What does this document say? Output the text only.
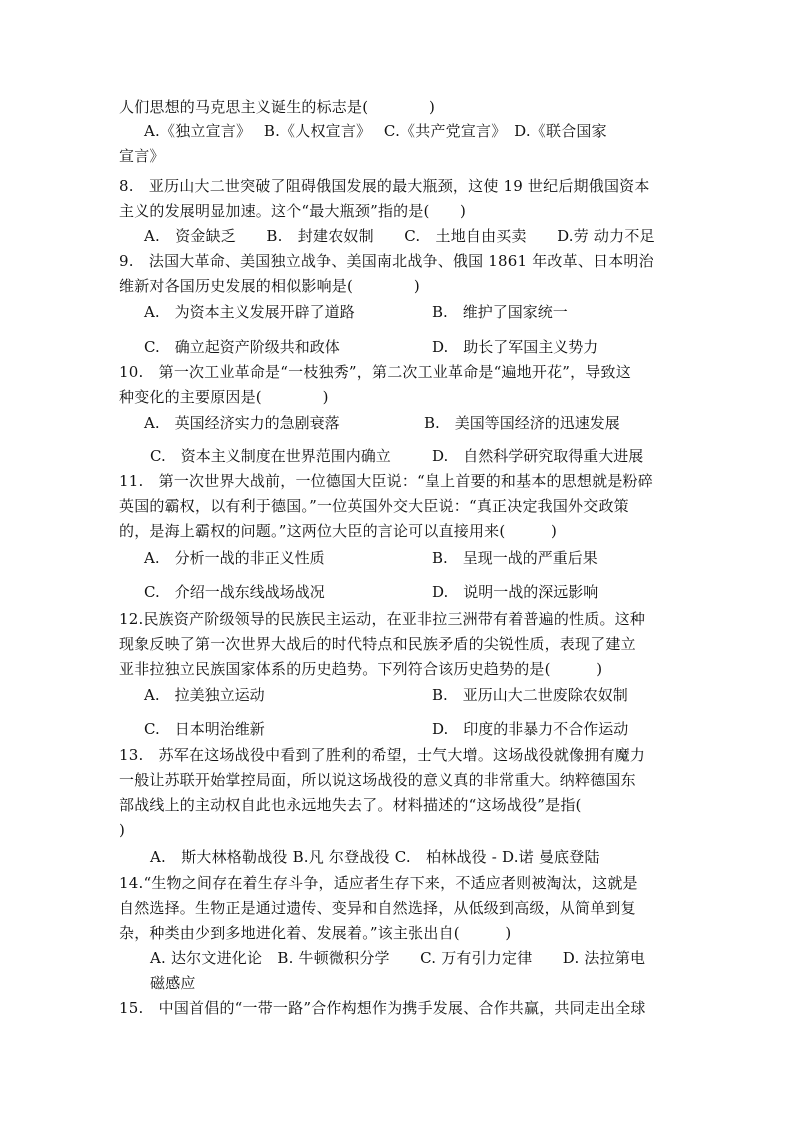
人们思想的马克思主义诞生的标志是(　　　　)
A.《独立宣言》　 B.《人权宣言》　 C.《共产党宣言》　D.《联合国家
宣言》
8.　亚历山大二世突破了阻碍俄国发展的最大瓶颈，这使 19 世纪后期俄国资本
主义的发展明显加速。这个“最大瓶颈”指的是(　　)
A.　资金缺乏　　B.　封建农奴制　　C.　土地自由买卖　　D.劳 动力不足
9.　法国大革命、美国独立战争、美国南北战争、俄国 1861 年改革、日本明治
维新对各国历史发展的相似影响是(　　　　)
A.　为资本主义发展开辟了道路	B.　维护了国家统一
C.　确立起资产阶级共和政体	D.　助长了军国主义势力
10.　第一次工业革命是“一枝独秀”，第二次工业革命是“遍地开花”，导致这
种变化的主要原因是(　　　　)
A.　英国经济实力的急剧衰落	B.　美国等国经济的迅速发展
C.　资本主义制度在世界范围内确立	D.　自然科学研究取得重大进展
11.　第一次世界大战前，一位德国大臣说：“皇上首要的和基本的思想就是粉碎
英国的霸权，以有利于德国。”一位英国外交大臣说：“真正决定我国外交政策
的，是海上霸权的问题。”这两位大臣的言论可以直接用来(　　　)
A.　分析一战的非正义性质	B.　呈现一战的严重后果
C.　介绍一战东线战场战况	D.　说明一战的深远影响
12.民族资产阶级领导的民族民主运动，在亚非拉三洲带有着普遍的性质。这种
现象反映了第一次世界大战后的时代特点和民族矛盾的尖锐性质，表现了建立
亚非拉独立民族国家体系的历史趋势。下列符合该历史趋势的是(　　　)
A.　拉美独立运动	B.　亚历山大二世废除农奴制
C.　日本明治维新	D.　印度的非暴力不合作运动
13.　苏军在这场战役中看到了胜利的希望，士气大增。这场战役就像拥有魔力
一般让苏联开始掌控局面，所以说这场战役的意义真的非常重大。纳粹德国东
部战线上的主动权自此也永远地失去了。材料描述的“这场战役”是指(
)
A.　斯大林格勒战役 B.凡 尔登战役 C.　柏林战役 - D.诺 曼底登陆
14.“生物之间存在着生存斗争，适应者生存下来，不适应者则被淘汰，这就是
自然选择。生物正是通过遗传、变异和自然选择，从低级到高级，从简单到复
杂，种类由少到多地进化着、发展着。”该主张出自(　　　)
A. 达尔文进化论　B. 牛顿微积分学　　C. 万有引力定律　　D. 法拉第电
磁感应
15.　中国首倡的“一带一路”合作构想作为携手发展、合作共赢，共同走出全球
